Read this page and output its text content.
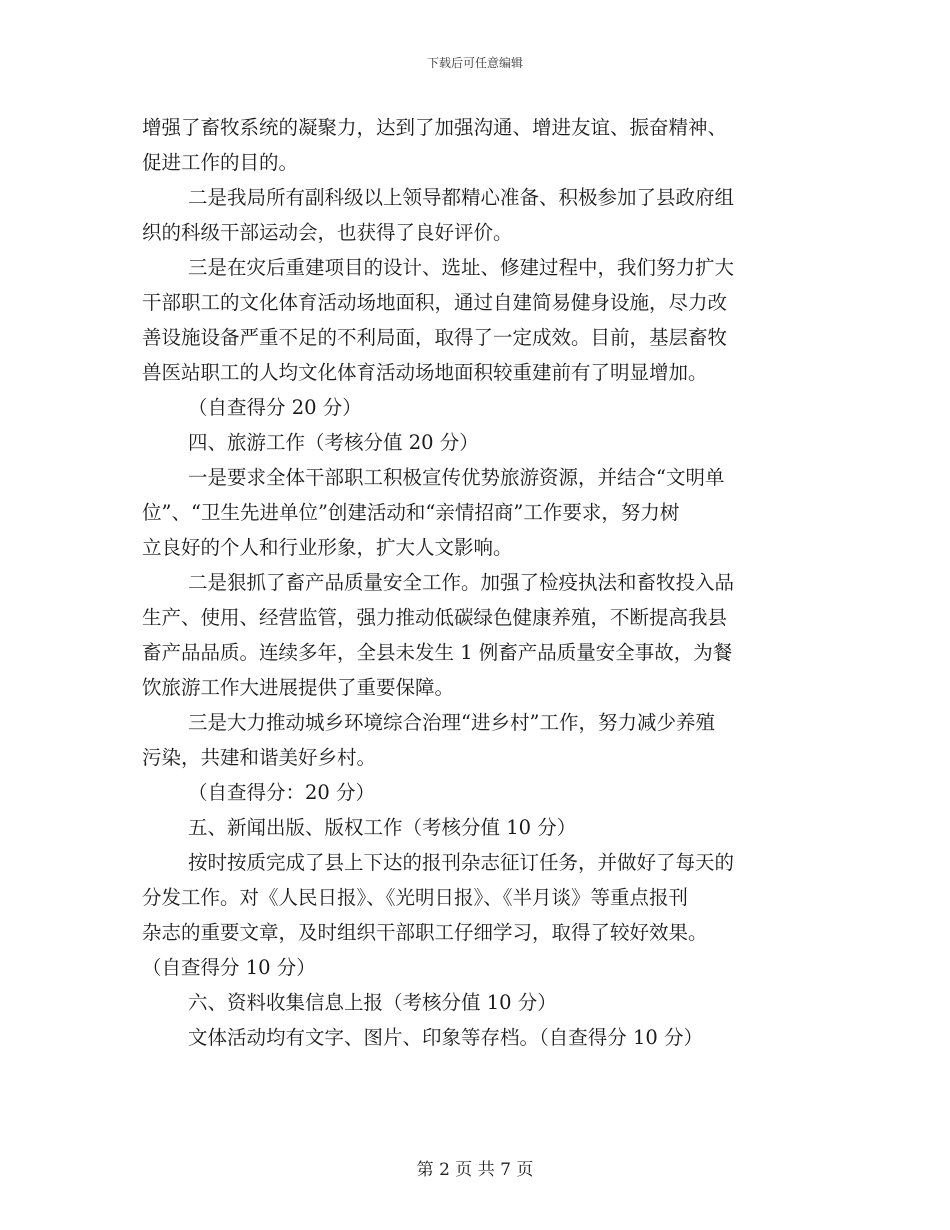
下载后可任意编辑
增强了畜牧系统的凝聚力，达到了加强沟通、增进友谊、振奋精神、
促进工作的目的。
二是我局所有副科级以上领导都精心准备、积极参加了县政府组
织的科级干部运动会，也获得了良好评价。
三是在灾后重建项目的设计、选址、修建过程中，我们努力扩大
干部职工的文化体育活动场地面积，通过自建简易健身设施，尽力改
善设施设备严重不足的不利局面，取得了一定成效。目前，基层畜牧
兽医站职工的人均文化体育活动场地面积较重建前有了明显增加。
（自查得分 20 分）
四、旅游工作（考核分值 20 分）
一是要求全体干部职工积极宣传优势旅游资源，并结合“文明单
位”、“卫生先进单位”创建活动和“亲情招商”工作要求，努力树
立良好的个人和行业形象，扩大人文影响。
二是狠抓了畜产品质量安全工作。加强了检疫执法和畜牧投入品
生产、使用、经营监管，强力推动低碳绿色健康养殖，不断提高我县
畜产品品质。连续多年，全县未发生 1 例畜产品质量安全事故，为餐
饮旅游工作大进展提供了重要保障。
三是大力推动城乡环境综合治理“进乡村”工作，努力减少养殖
污染，共建和谐美好乡村。
（自查得分：20 分）
五、新闻出版、版权工作（考核分值 10 分）
按时按质完成了县上下达的报刊杂志征订任务，并做好了每天的
分发工作。对《人民日报》、《光明日报》、《半月谈》等重点报刊
杂志的重要文章，及时组织干部职工仔细学习，取得了较好效果。
（自查得分 10 分）
六、资料收集信息上报（考核分值 10 分）
文体活动均有文字、图片、印象等存档。（自查得分 10 分）
第 2 页 共 7 页
